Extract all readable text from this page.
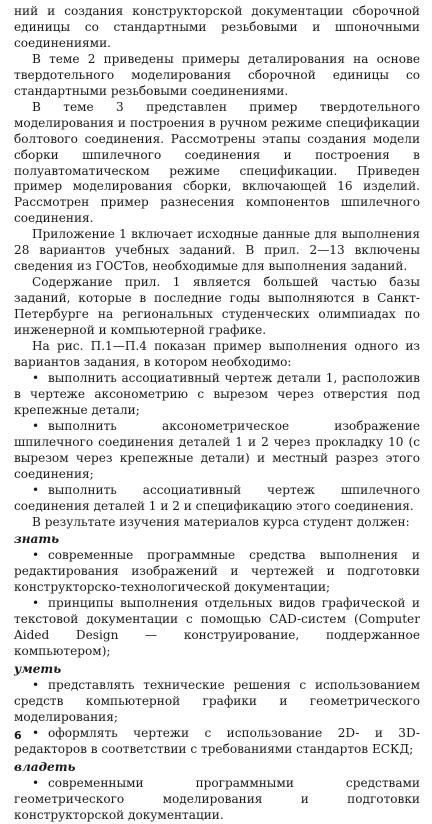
ний и создания конструкторской документации сборочной единицы со стандартными резьбовыми и шпоночными соединениями.

В теме 2 приведены примеры деталирования на основе твердотельного моделирования сборочной единицы со стандартными резьбовыми соединениями.

В теме 3 представлен пример твердотельного моделирования и построения в ручном режиме спецификации болтового соединения. Рассмотрены этапы создания модели сборки шпилечного соединения и построения в полуавтоматическом режиме спецификации. Приведен пример моделирования сборки, включающей 16 изделий. Рассмотрен пример разнесения компонентов шпилечного соединения.

Приложение 1 включает исходные данные для выполнения 28 вариантов учебных заданий. В прил. 2—13 включены сведения из ГОСТов, необходимые для выполнения заданий.

Содержание прил. 1 является большей частью базы заданий, которые в последние годы выполняются в Санкт-Петербурге на региональных студенческих олимпиадах по инженерной и компьютерной графике.

На рис. П.1—П.4 показан пример выполнения одного из вариантов задания, в котором необходимо:

• выполнить ассоциативный чертеж детали 1, расположив в чертеже аксонометрию с вырезом через отверстия под крепежные детали;

• выполнить аксонометрическое изображение шпилечного соединения деталей 1 и 2 через прокладку 10 (с вырезом через крепежные детали) и местный разрез этого соединения;

• выполнить ассоциативный чертеж шпилечного соединения деталей 1 и 2 и спецификацию этого соединения.

В результате изучения материалов курса студент должен:

знать

• современные программные средства выполнения и редактирования изображений и чертежей и подготовки конструкторско-технологической документации;

• принципы выполнения отдельных видов графической и текстовой документации с помощью CAD-систем (Computer Aided Design — конструирование, поддержанное компьютером);

уметь

• представлять технические решения с использованием средств компьютерной графики и геометрического моделирования;

• оформлять чертежи с использование 2D- и 3D-редакторов в соответствии с требованиями стандартов ЕСКД;

владеть

• современными программными средствами геометрического моделирования и подготовки конструкторской документации.

6
